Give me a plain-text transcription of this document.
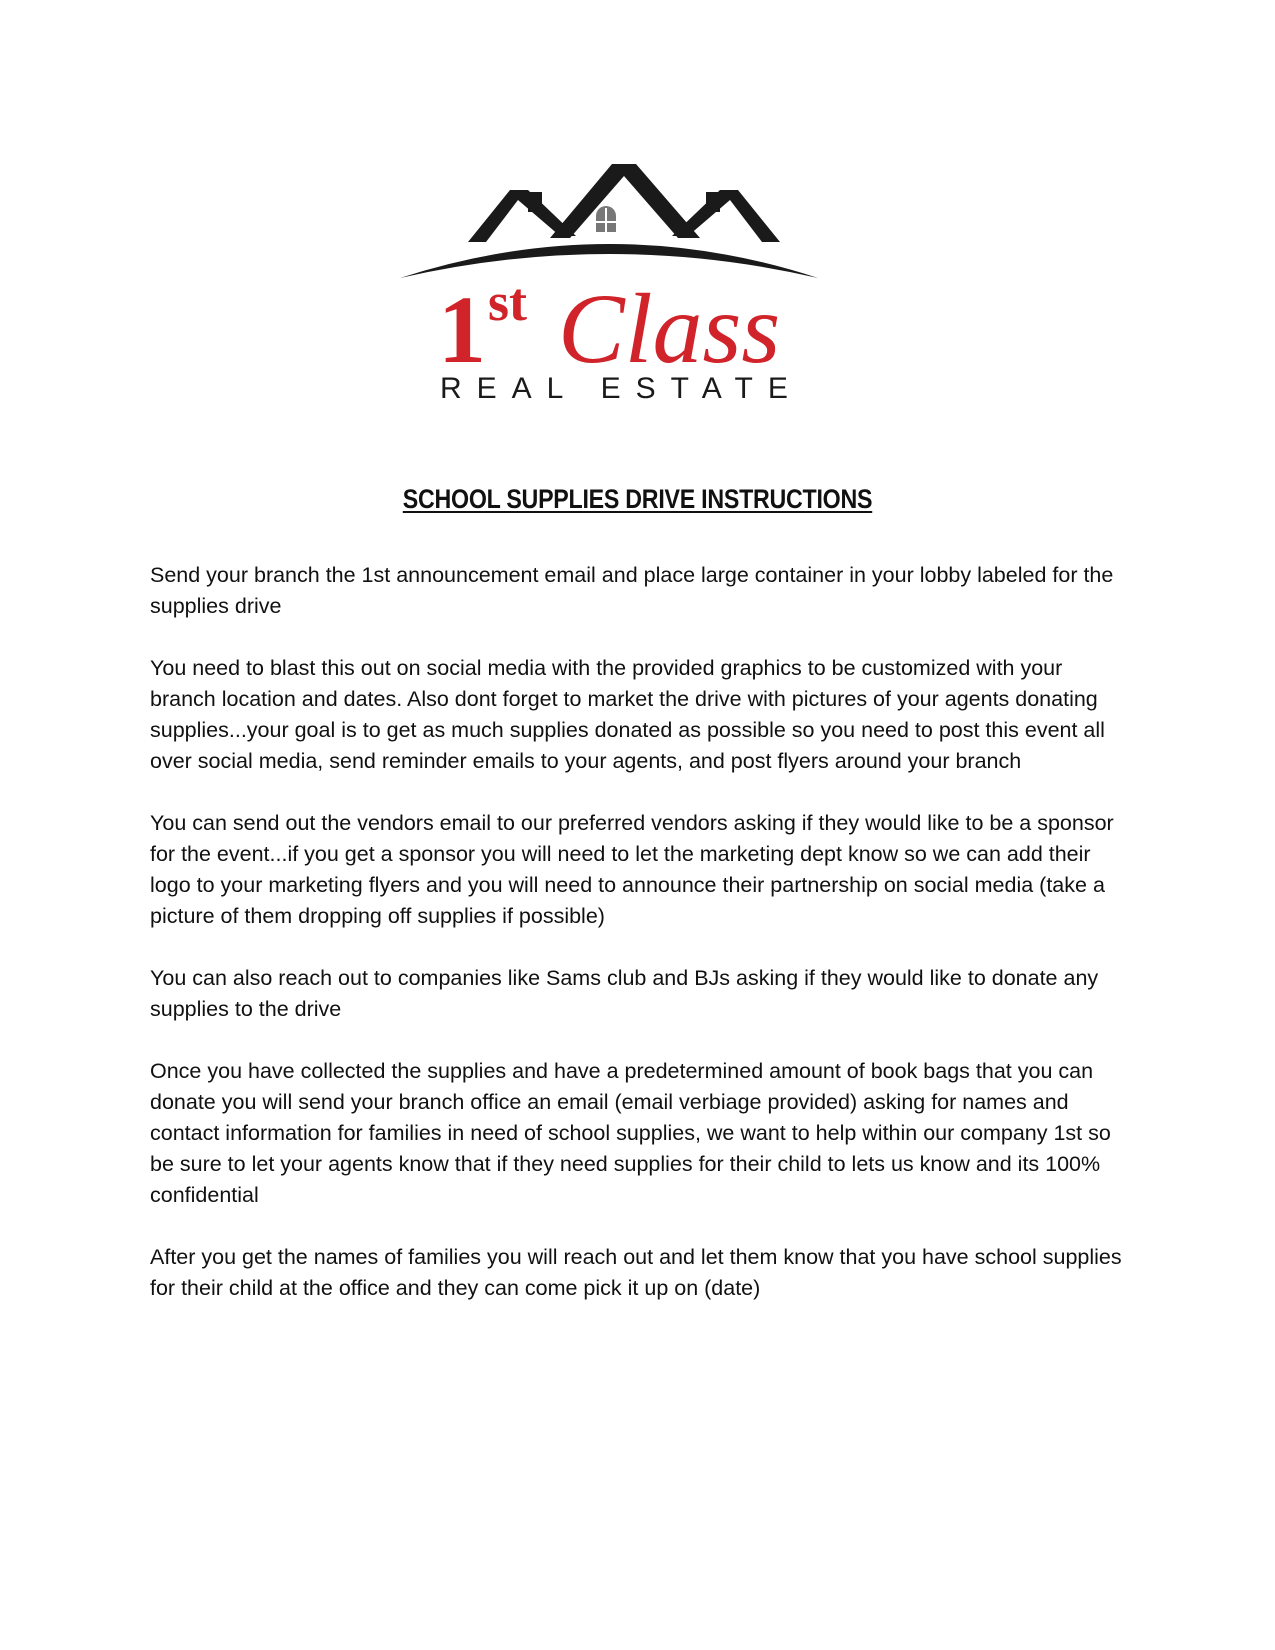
1 st Class
REAL ESTATE
SCHOOL SUPPLIES DRIVE INSTRUCTIONS

Send your branch the 1st announcement email and place large container in your lobby labeled for the supplies drive

You need to blast this out on social media with the provided graphics to be customized with your branch location and dates. Also dont forget to market the drive with pictures of your agents donating supplies...your goal is to get as much supplies donated as possible so you need to post this event all over social media, send reminder emails to your agents, and post flyers around your branch

You can send out the vendors email to our preferred vendors asking if they would like to be a sponsor for the event...if you get a sponsor you will need to let the marketing dept know so we can add their logo to your marketing flyers and you will need to announce their partnership on social media (take a picture of them dropping off supplies if possible)

You can also reach out to companies like Sams club and BJs asking if they would like to donate any supplies to the drive

Once you have collected the supplies and have a predetermined amount of book bags that you can donate you will send your branch office an email (email verbiage provided) asking for names and contact information for families in need of school supplies, we want to help within our company 1st so be sure to let your agents know that if they need supplies for their child to lets us know and its 100% confidential

After you get the names of families you will reach out and let them know that you have school supplies for their child at the office and they can come pick it up on (date)
